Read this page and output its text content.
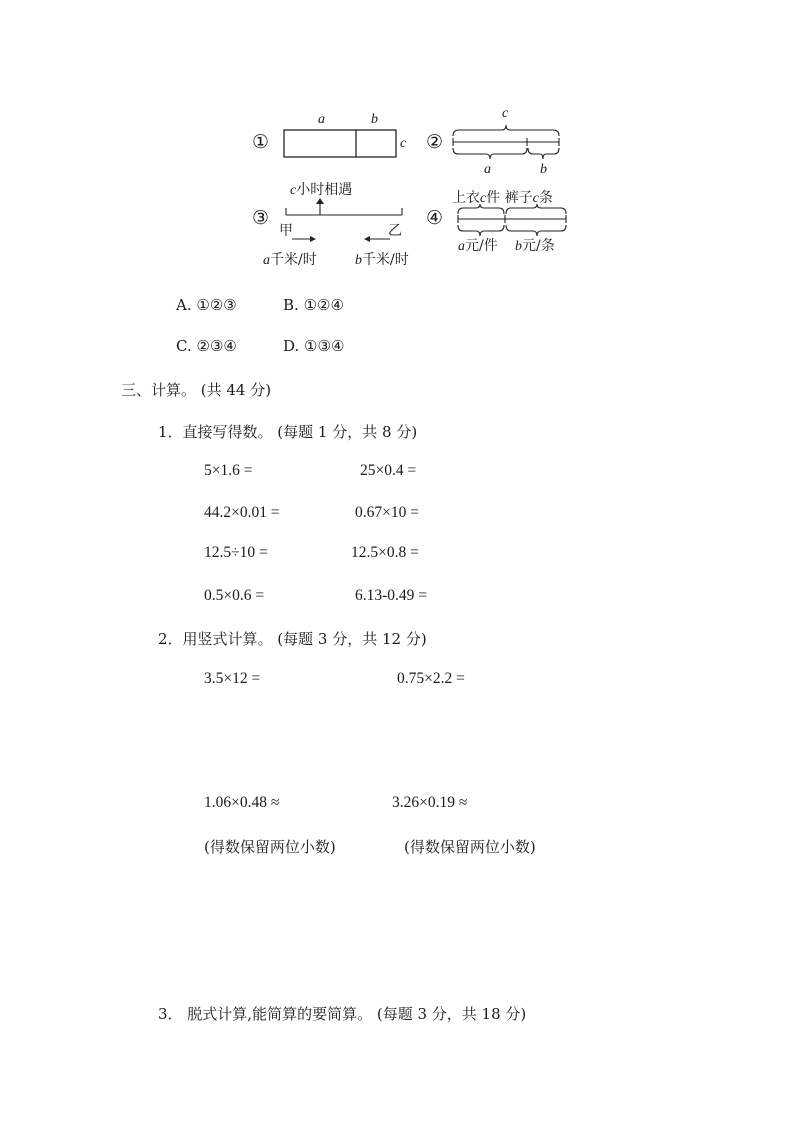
①
a	b
c ②
c
a	b
③
c小时相遇
甲	乙
a千米/时	b千米/时
④
上衣c件 裤子c条
a元/件 b元/条
A. ①②③	B. ①②④
C. ②③④	D. ①③④
三、计算。 (共 44 分)
1．直接写得数。 (每题 1 分，共 8 分)
5×1.6 =	25×0.4 =
44.2×0.01 =	0.67×10 =
12.5÷10 =	12.5×0.8 =
0.5×0.6 =	6.13-0.49 =
2．用竖式计算。 (每题 3 分，共 12 分)
3.5×12 =	0.75×2.2 =
1.06×0.48 ≈	3.26×0.19 ≈
(得数保留两位小数)	(得数保留两位小数)
3． 脱式计算,能简算的要简算。 (每题 3 分，共 18 分)
